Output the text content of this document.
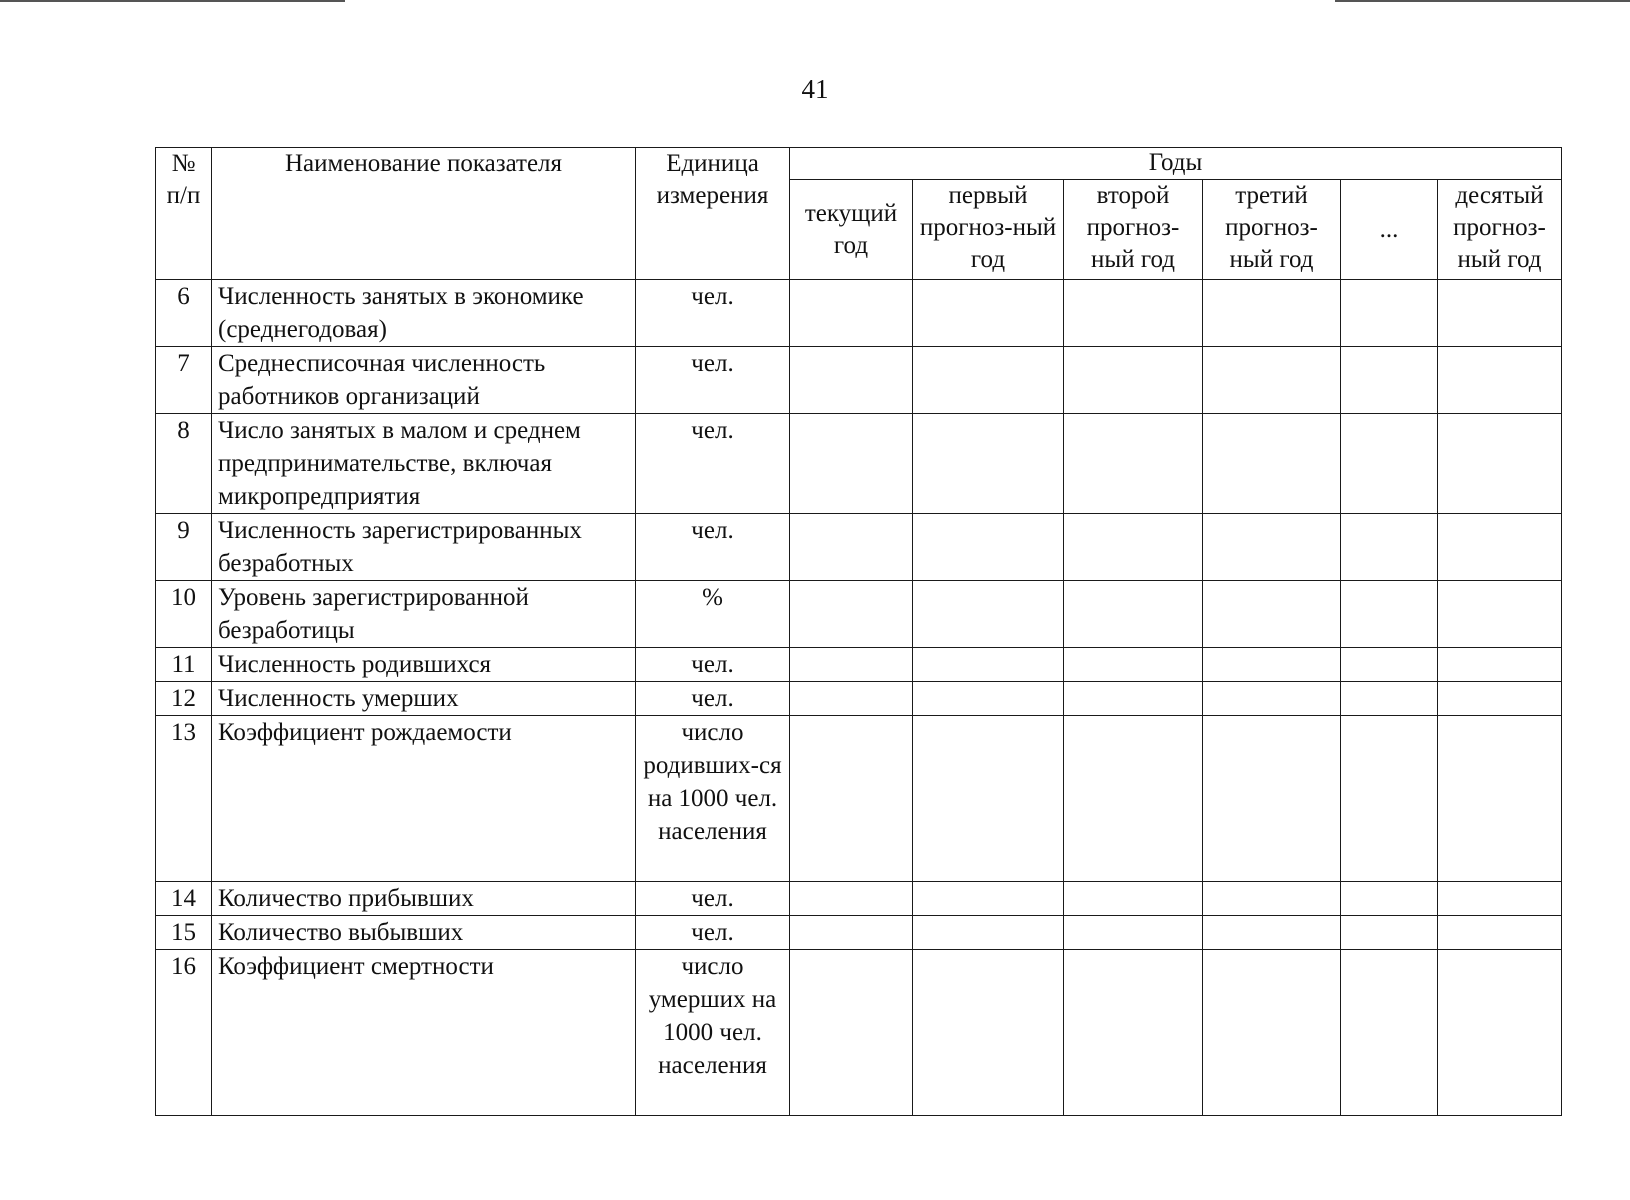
41
№ п/п	Наименование показателя	Единица измерения	Годы					
			текущий год	первый прогноз-ный год	второй прогноз-ный год	третий прогноз-ный год	...	десятый прогноз-ный год
6	Численность занятых в экономике (среднегодовая)	чел.						
7	Среднесписочная численность работников организаций	чел.						
8	Число занятых в малом и среднем предпринимательстве, включая микропредприятия	чел.						
9	Численность зарегистрированных безработных	чел.						
10	Уровень зарегистрированной безработицы	%						
11	Численность родившихся	чел.						
12	Численность умерших	чел.						
13	Коэффициент рождаемости	число родивших-ся на 1000 чел. населения						
14	Количество прибывших	чел.						
15	Количество выбывших	чел.						
16	Коэффициент смертности	число умерших на 1000 чел. населения						
